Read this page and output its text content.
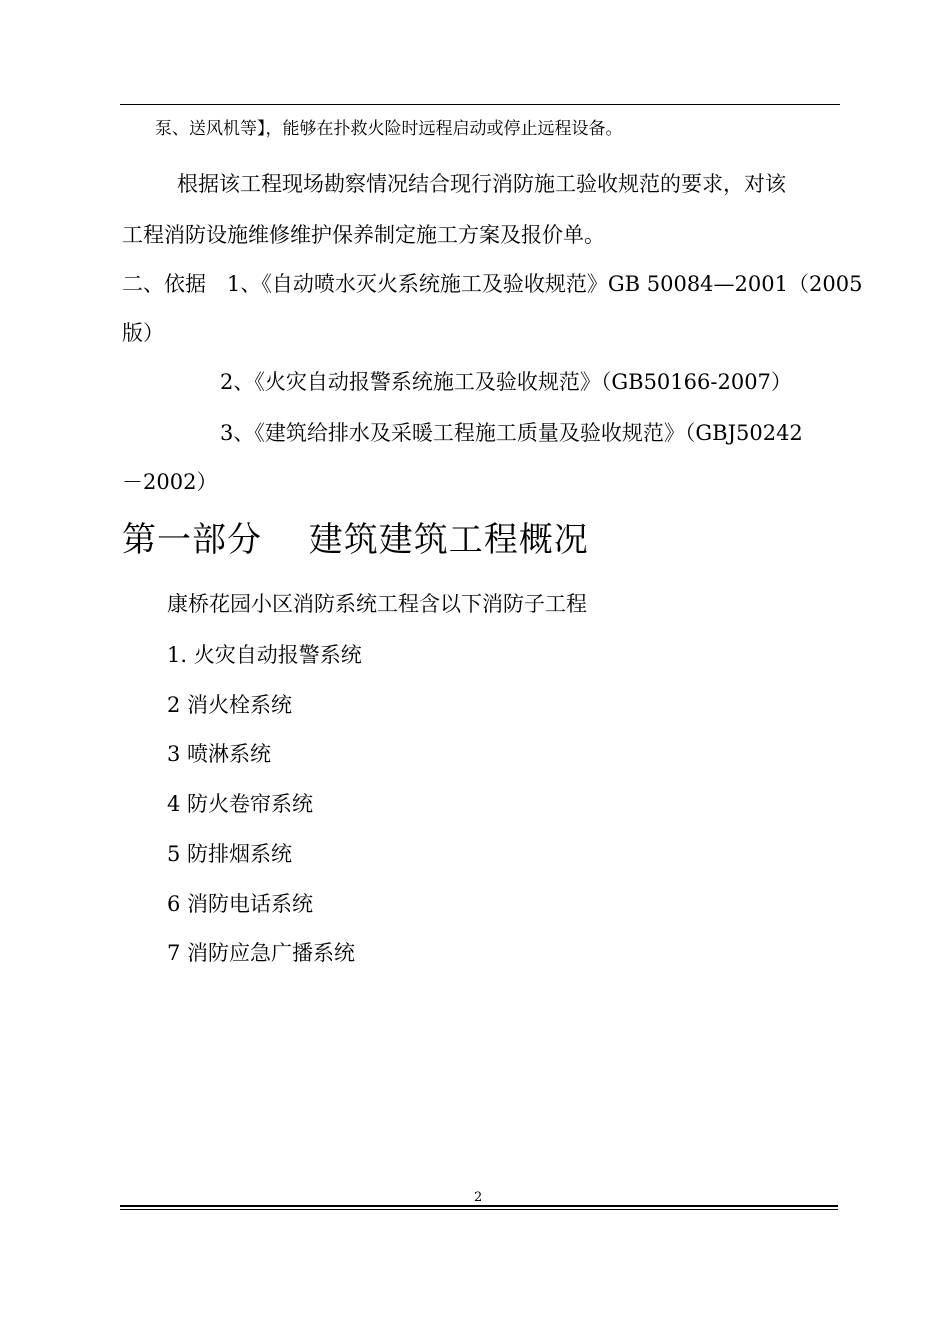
泵、送风机等】，能够在扑救火险时远程启动或停止远程设备。
根据该工程现场勘察情况结合现行消防施工验收规范的要求，对该
工程消防设施维修维护保养制定施工方案及报价单。
二、依据　1、《自动喷水灭火系统施工及验收规范》GB 50084—2001（2005
版）
2、《火灾自动报警系统施工及验收规范》（GB50166-2007）
3、《建筑给排水及采暖工程施工质量及验收规范》（GBJ50242
－2002）
第一部分　 建筑建筑工程概况
康桥花园小区消防系统工程含以下消防子工程
1. 火灾自动报警系统
2 消火栓系统
3 喷淋系统
4 防火卷帘系统
5 防排烟系统
6 消防电话系统
7 消防应急广播系统
2
